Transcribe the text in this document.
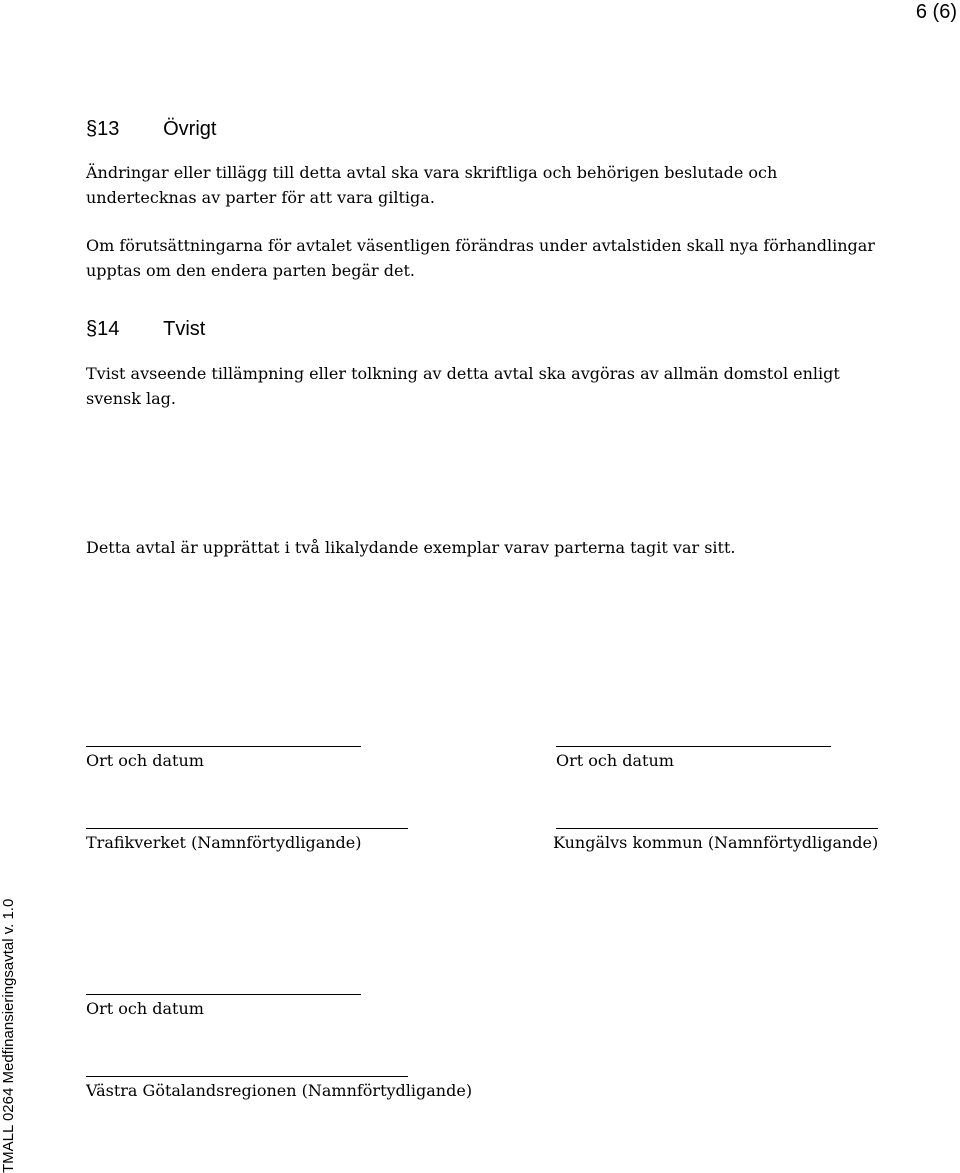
6 (6)
§ 13	Övrigt

Ändringar eller tillägg till detta avtal ska vara skriftliga och behörigen beslutade och undertecknas av parter för att vara giltiga.

Om förutsättningarna för avtalet väsentligen förändras under avtalstiden skall nya förhandlingar upptas om den endera parten begär det.

§ 14	Tvist

Tvist avseende tillämpning eller tolkning av detta avtal ska avgöras av allmän domstol enligt svensk lag.

Detta avtal är upprättat i två likalydande exemplar varav parterna tagit var sitt.

Ort och datum	Ort och datum
Trafikverket (Namnförtydligande)	Kungälvs kommun (Namnförtydligande)
Ort och datum
Västra Götalandsregionen (Namnförtydligande)
TMALL 0264 Medfinansieringsavtal v. 1.0
